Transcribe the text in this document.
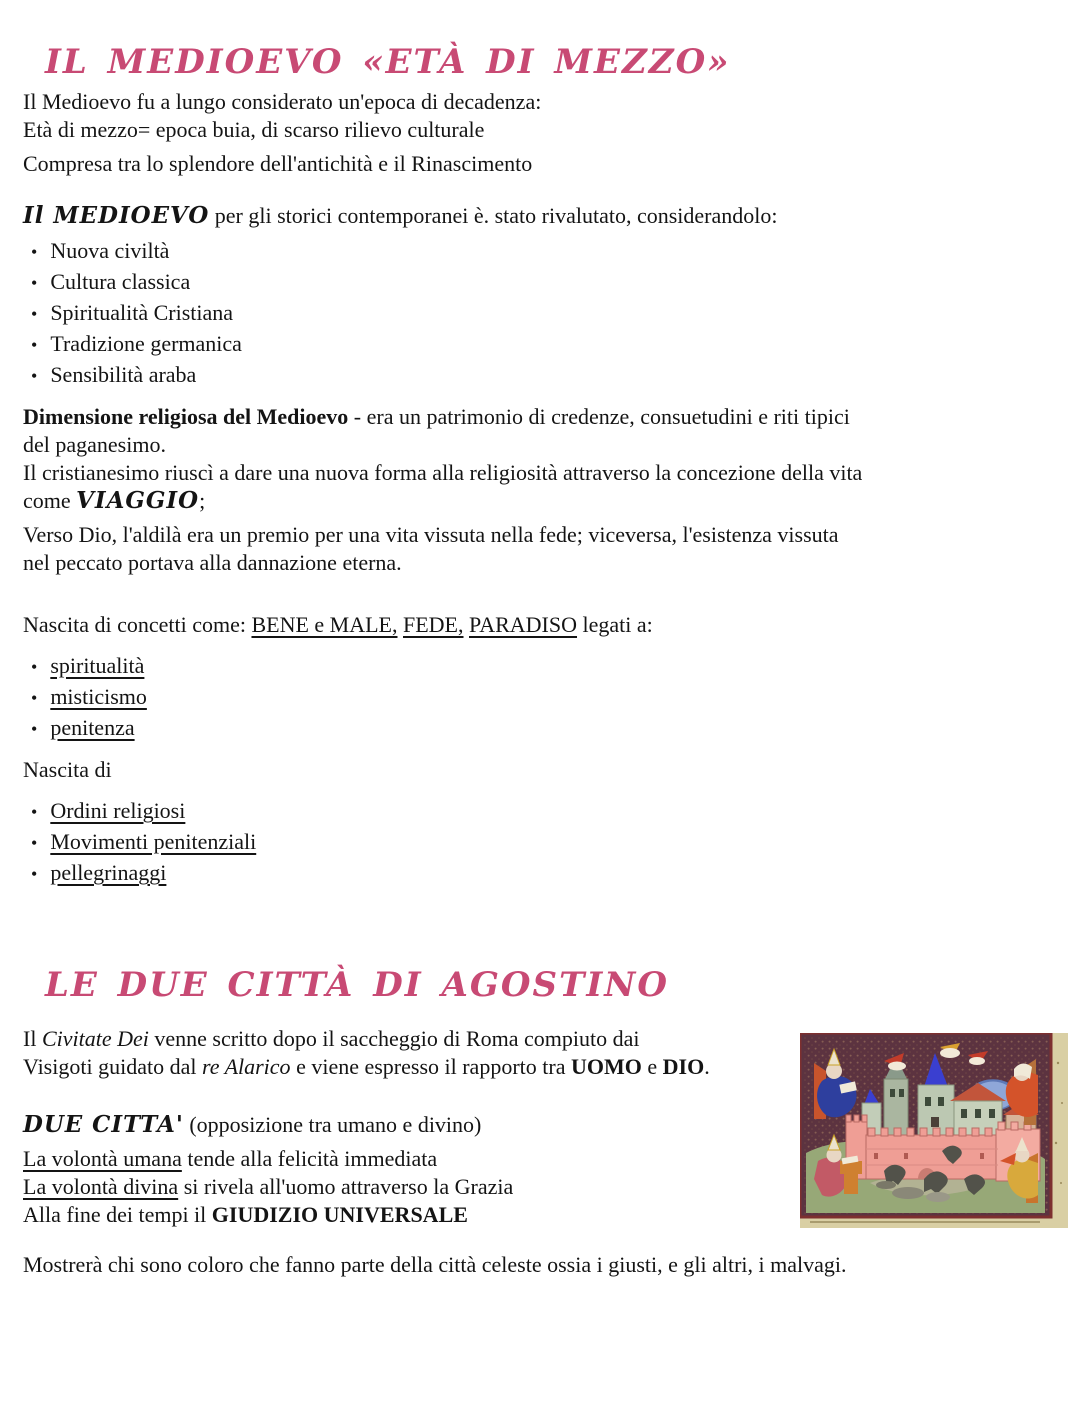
IL MEDIOEVO «ETÀ DI MEZZO»
Il Medioevo fu a lungo considerato un'epoca di decadenza:
Età di mezzo= epoca buia, di scarso rilievo culturale
Compresa tra lo splendore dell'antichità e il Rinascimento
Il MEDIOEVO per gli storici contemporanei è. stato rivalutato, considerandolo:
• Nuova civiltà
• Cultura classica
• Spiritualità Cristiana
• Tradizione germanica
• Sensibilità araba
Dimensione religiosa del Medioevo - era un patrimonio di credenze, consuetudini e riti tipici
del paganesimo.
Il cristianesimo riuscì a dare una nuova forma alla religiosità attraverso la concezione della vita
come VIAGGIO;
Verso Dio, l'aldilà era un premio per una vita vissuta nella fede; viceversa, l'esistenza vissuta
nel peccato portava alla dannazione eterna.
Nascita di concetti come: BENE e MALE, FEDE, PARADISO legati a:
• spiritualità
• misticismo
• penitenza
Nascita di
• Ordini religiosi
• Movimenti penitenziali
• pellegrinaggi
LE DUE CITTÀ DI AGOSTINO
Il Civitate Dei venne scritto dopo il saccheggio di Roma compiuto dai
Visigoti guidato dal re Alarico e viene espresso il rapporto tra UOMO e DIO.
DUE CITTA' (opposizione tra umano e divino)
La volontà umana tende alla felicità immediata
La volontà divina si rivela all'uomo attraverso la Grazia
Alla fine dei tempi il GIUDIZIO UNIVERSALE
Mostrerà chi sono coloro che fanno parte della città celeste ossia i giusti, e gli altri, i malvagi.
